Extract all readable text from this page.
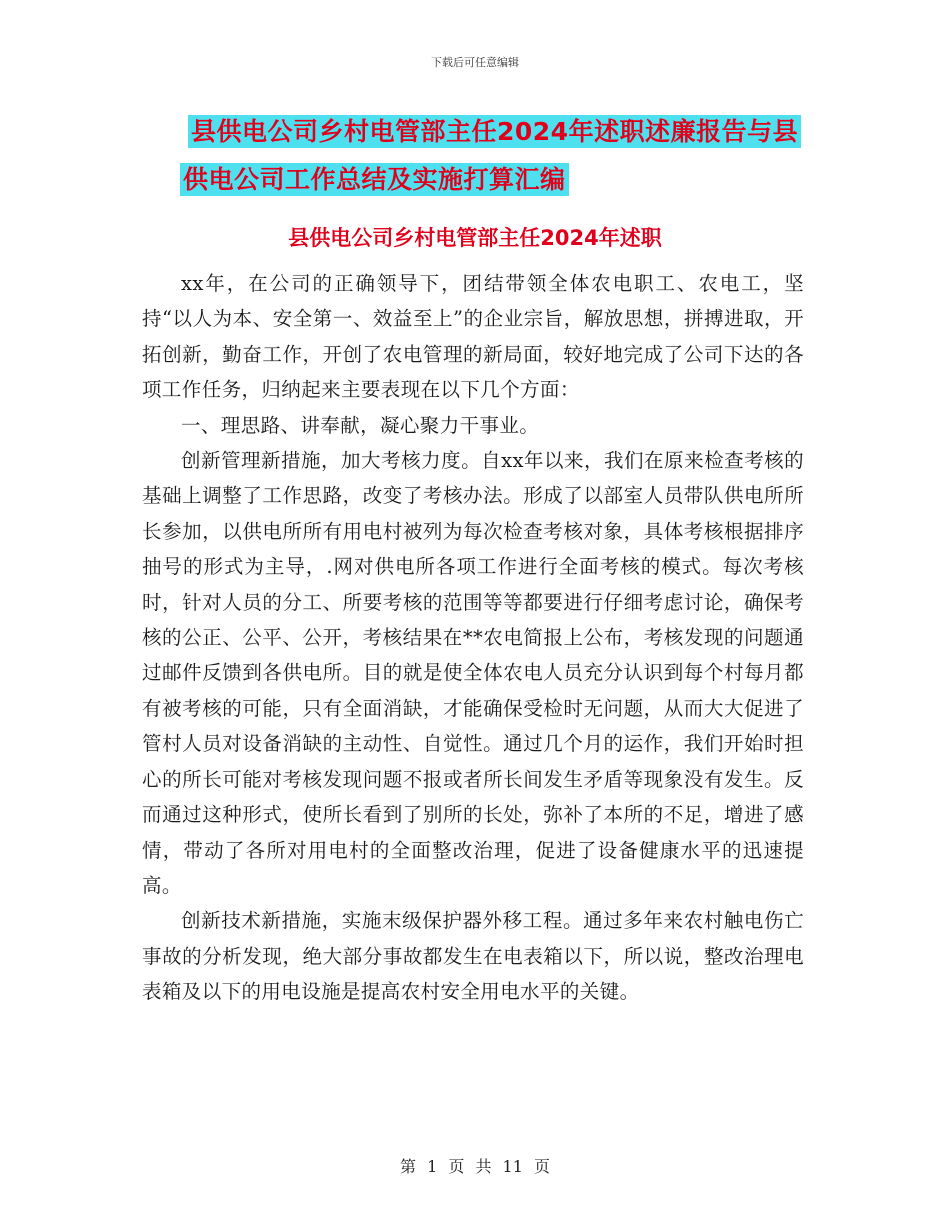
下载后可任意编辑
县供电公司乡村电管部主任2024年述职述廉报告与县
供电公司工作总结及实施打算汇编
县供电公司乡村电管部主任2024年述职

xx年，在公司的正确领导下，团结带领全体农电职工、农电工，坚持“以人为本、安全第一、效益至上”的企业宗旨，解放思想，拼搏进取，开拓创新，勤奋工作，开创了农电管理的新局面，较好地完成了公司下达的各项工作任务，归纳起来主要表现在以下几个方面：

一、理思路、讲奉献，凝心聚力干事业。

创新管理新措施，加大考核力度。自xx年以来，我们在原来检查考核的基础上调整了工作思路，改变了考核办法。形成了以部室人员带队供电所所长参加，以供电所所有用电村被列为每次检查考核对象，具体考核根据排序抽号的形式为主导，.网对供电所各项工作进行全面考核的模式。每次考核时，针对人员的分工、所要考核的范围等等都要进行仔细考虑讨论，确保考核的公正、公平、公开，考核结果在**农电简报上公布，考核发现的问题通过邮件反馈到各供电所。目的就是使全体农电人员充分认识到每个村每月都有被考核的可能，只有全面消缺，才能确保受检时无问题，从而大大促进了管村人员对设备消缺的主动性、自觉性。通过几个月的运作，我们开始时担心的所长可能对考核发现问题不报或者所长间发生矛盾等现象没有发生。反而通过这种形式，使所长看到了别所的长处，弥补了本所的不足，增进了感情，带动了各所对用电村的全面整改治理，促进了设备健康水平的迅速提高。

创新技术新措施，实施末级保护器外移工程。通过多年来农村触电伤亡事故的分析发现，绝大部分事故都发生在电表箱以下，所以说，整改治理电表箱及以下的用电设施是提高农村安全用电水平的关键。

第 1 页 共 11 页
